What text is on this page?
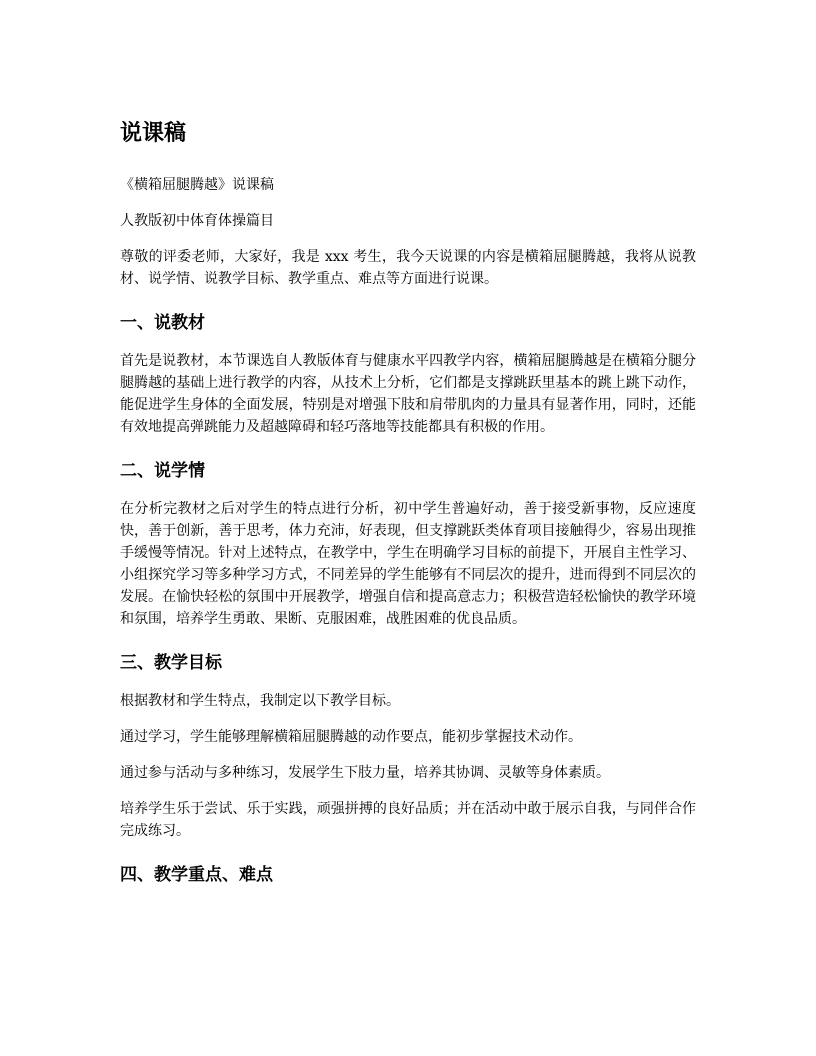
说课稿

《横箱屈腿腾越》说课稿

人教版初中体育体操篇目

尊敬的评委老师，大家好，我是 xxx 考生，我今天说课的内容是横箱屈腿腾越，我将从说教材、说学情、说教学目标、教学重点、难点等方面进行说课。

一、说教材

首先是说教材，本节课选自人教版体育与健康水平四教学内容，横箱屈腿腾越是在横箱分腿分腿腾越的基础上进行教学的内容，从技术上分析，它们都是支撑跳跃里基本的跳上跳下动作，能促进学生身体的全面发展，特别是对增强下肢和肩带肌肉的力量具有显著作用，同时，还能有效地提高弹跳能力及超越障碍和轻巧落地等技能都具有积极的作用。

二、说学情

在分析完教材之后对学生的特点进行分析，初中学生普遍好动，善于接受新事物，反应速度快，善于创新，善于思考，体力充沛，好表现，但支撑跳跃类体育项目接触得少，容易出现推手缓慢等情况。针对上述特点，在教学中，学生在明确学习目标的前提下，开展自主性学习、小组探究学习等多种学习方式，不同差异的学生能够有不同层次的提升，进而得到不同层次的发展。在愉快轻松的氛围中开展教学，增强自信和提高意志力；积极营造轻松愉快的教学环境和氛围，培养学生勇敢、果断、克服困难，战胜困难的优良品质。

三、教学目标

根据教材和学生特点，我制定以下教学目标。

通过学习，学生能够理解横箱屈腿腾越的动作要点，能初步掌握技术动作。

通过参与活动与多种练习，发展学生下肢力量，培养其协调、灵敏等身体素质。

培养学生乐于尝试、乐于实践，顽强拼搏的良好品质；并在活动中敢于展示自我，与同伴合作完成练习。

四、教学重点、难点
